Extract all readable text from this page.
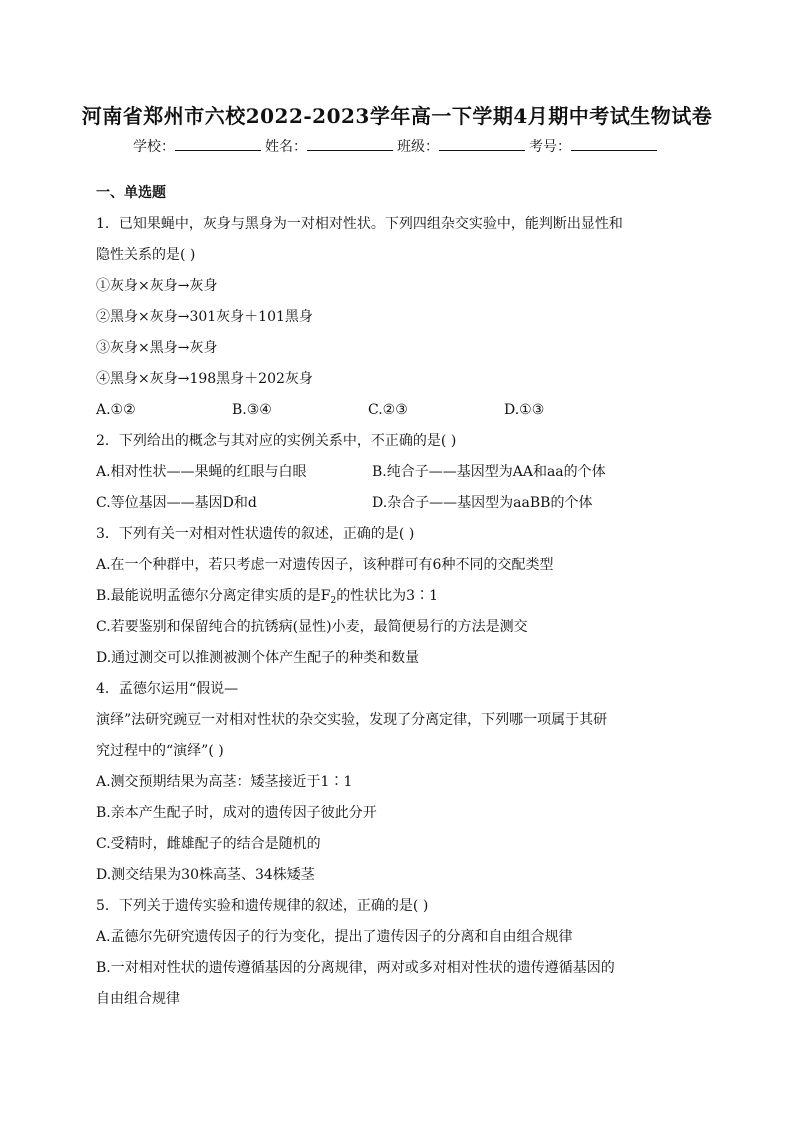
河南省郑州市六校2022-2023学年高一下学期4月期中考试生物试卷
学校：	姓名：	班级：	考号：
一、单选题
1．已知果蝇中，灰身与黑身为一对相对性状。下列四组杂交实验中，能判断出显性和
隐性关系的是( )
①灰身×灰身→灰身
②黑身×灰身→301灰身＋101黑身
③灰身×黑身→灰身
④黑身×灰身→198黑身＋202灰身
A.①②	B.③④	C.②③	D.①③
2．下列给出的概念与其对应的实例关系中，不正确的是( )
A.相对性状——果蝇的红眼与白眼	B.纯合子——基因型为AA和aa的个体
C.等位基因——基因D和d	D.杂合子——基因型为aaBB的个体
3．下列有关一对相对性状遗传的叙述，正确的是( )
A.在一个种群中，若只考虑一对遗传因子，该种群可有6种不同的交配类型
B.最能说明孟德尔分离定律实质的是$F_2$的性状比为3∶1
C.若要鉴别和保留纯合的抗锈病(显性)小麦，最简便易行的方法是测交
D.通过测交可以推测被测个体产生配子的种类和数量
4．孟德尔运用“假说—
演绎”法研究豌豆一对相对性状的杂交实验，发现了分离定律，下列哪一项属于其研
究过程中的“演绎”( )
A.测交预期结果为高茎：矮茎接近于1∶1
B.亲本产生配子时，成对的遗传因子彼此分开
C.受精时，雌雄配子的结合是随机的
D.测交结果为30株高茎、34株矮茎
5．下列关于遗传实验和遗传规律的叙述，正确的是( )
A.孟德尔先研究遗传因子的行为变化，提出了遗传因子的分离和自由组合规律
B.一对相对性状的遗传遵循基因的分离规律，两对或多对相对性状的遗传遵循基因的
自由组合规律
